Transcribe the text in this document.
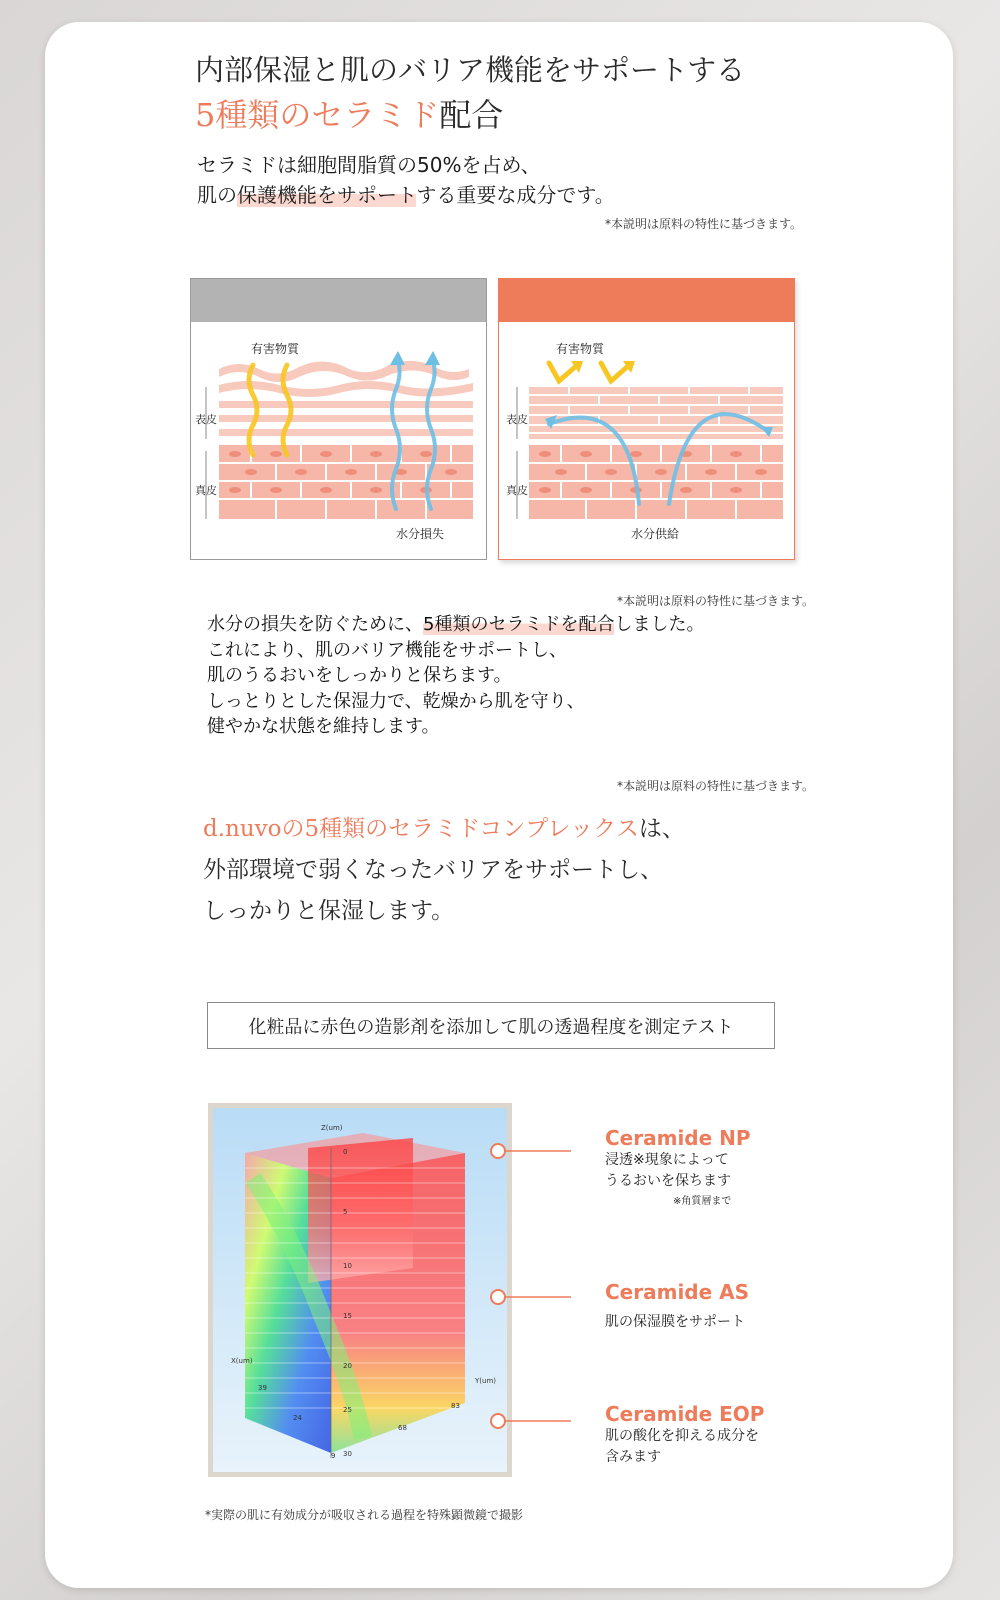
内部保湿と肌のバリア機能をサポートする
5種類のセラミド配合
セラミドは細胞間脂質の50%を占め、
肌の保護機能をサポートする重要な成分です。
*本説明は原料の特性に基づきます。
有害物質
表皮
真皮
水分損失
有害物質
表皮
真皮
水分供給
*本説明は原料の特性に基づきます。
水分の損失を防ぐために、5種類のセラミドを配合しました。
これにより、肌のバリア機能をサポートし、
肌のうるおいをしっかりと保ちます。
しっとりとした保湿力で、乾燥から肌を守り、
健やかな状態を維持します。
*本説明は原料の特性に基づきます。
d.nuvoの5種類のセラミドコンプレックスは、
外部環境で弱くなったバリアをサポートし、
しっかりと保湿します。
化粧品に赤色の造影剤を添加して肌の透過程度を測定テスト
Z(um)
X(um)
Y(um)
0
5
10
15
20
25
30
39
24
9
68
83
Ceramide NP
浸透※現象によって
うるおいを保ちます
※角質層まで
Ceramide AS
肌の保湿膜をサポート
Ceramide EOP
肌の酸化を抑える成分を
含みます
*実際の肌に有効成分が吸収される過程を特殊顕微鏡で撮影
